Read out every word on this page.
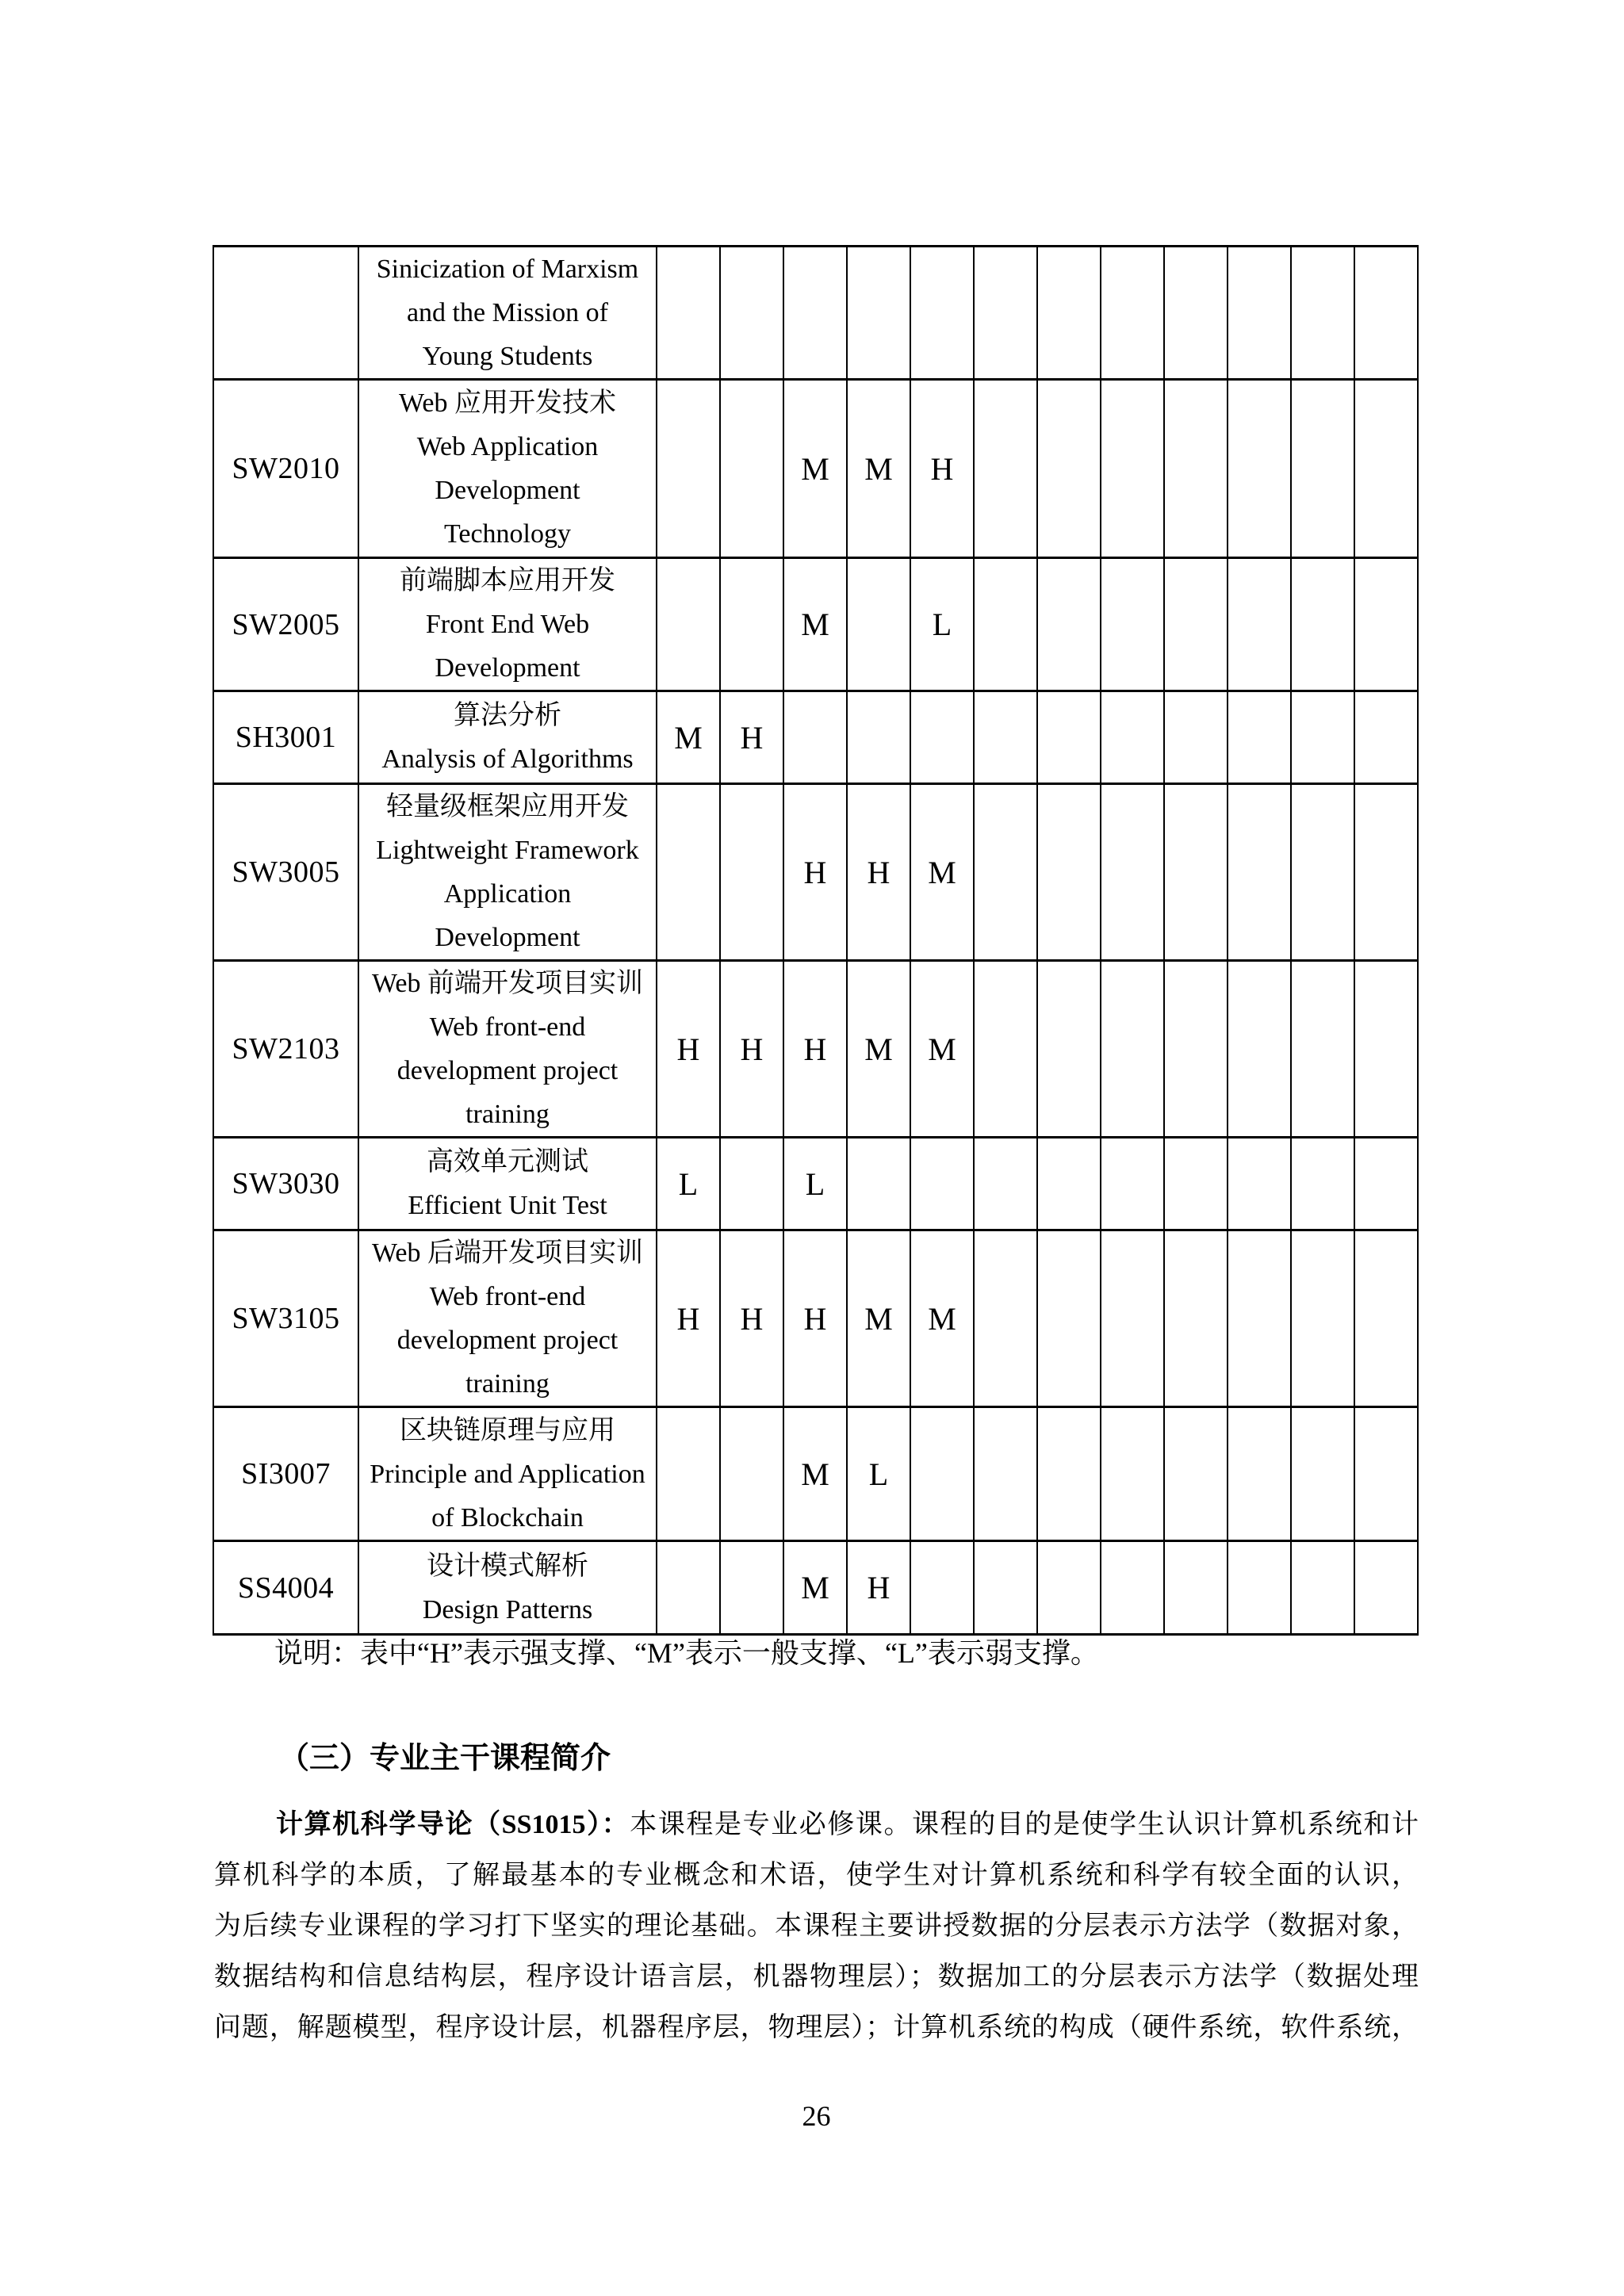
	Sinicization of Marxism
and the Mission of
Young Students												

SW2010	Web 应用开发技术
Web Application
Development
Technology			M	M	H							
SW2005	前端脚本应用开发
Front End Web
Development			M		L							
SH3001	算法分析
Analysis of Algorithms	M	H										
SW3005	轻量级框架应用开发
Lightweight Framework
Application
Development			H	H	M							
SW2103	Web 前端开发项目实训
Web front-end
development project
training	H	H	H	M	M							
SW3030	高效单元测试
Efficient Unit Test	L		L									
SW3105	Web 后端开发项目实训
Web front-end
development project
training	H	H	H	M	M							
SI3007	区块链原理与应用
Principle and Application
of Blockchain			M	L								
SS4004	设计模式解析
Design Patterns			M	H								
说明：表中“H”表示强支撑、“M”表示一般支撑、“L”表示弱支撑。
（三）专业主干课程简介
计算机科学导论（SS1015）：本课程是专业必修课。课程的目的是使学生认识计算机系统和计
算机科学的本质，了解最基本的专业概念和术语，使学生对计算机系统和科学有较全面的认识，
为后续专业课程的学习打下坚实的理论基础。本课程主要讲授数据的分层表示方法学（数据对象，
数据结构和信息结构层，程序设计语言层，机器物理层）；数据加工的分层表示方法学（数据处理
问题，解题模型，程序设计层，机器程序层，物理层）；计算机系统的构成（硬件系统，软件系统，
26
